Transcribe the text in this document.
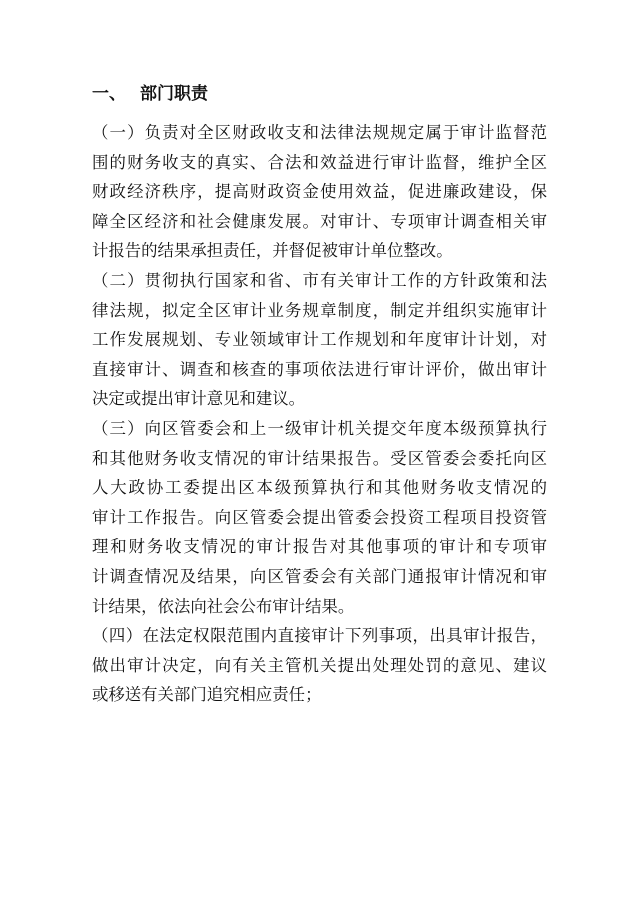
一、 部门职责
（一）负责对全区财政收支和法律法规规定属于审计监督范
围的财务收支的真实、合法和效益进行审计监督，维护全区
财政经济秩序，提高财政资金使用效益，促进廉政建设，保
障全区经济和社会健康发展。对审计、专项审计调查相关审
计报告的结果承担责任，并督促被审计单位整改。
（二）贯彻执行国家和省、市有关审计工作的方针政策和法
律法规，拟定全区审计业务规章制度，制定并组织实施审计
工作发展规划、专业领域审计工作规划和年度审计计划，对
直接审计、调查和核查的事项依法进行审计评价，做出审计
决定或提出审计意见和建议。
（三）向区管委会和上一级审计机关提交年度本级预算执行
和其他财务收支情况的审计结果报告。受区管委会委托向区
人大政协工委提出区本级预算执行和其他财务收支情况的
审计工作报告。向区管委会提出管委会投资工程项目投资管
理和财务收支情况的审计报告对其他事项的审计和专项审
计调查情况及结果，向区管委会有关部门通报审计情况和审
计结果，依法向社会公布审计结果。
（四）在法定权限范围内直接审计下列事项，出具审计报告，
做出审计决定，向有关主管机关提出处理处罚的意见、建议
或移送有关部门追究相应责任；
